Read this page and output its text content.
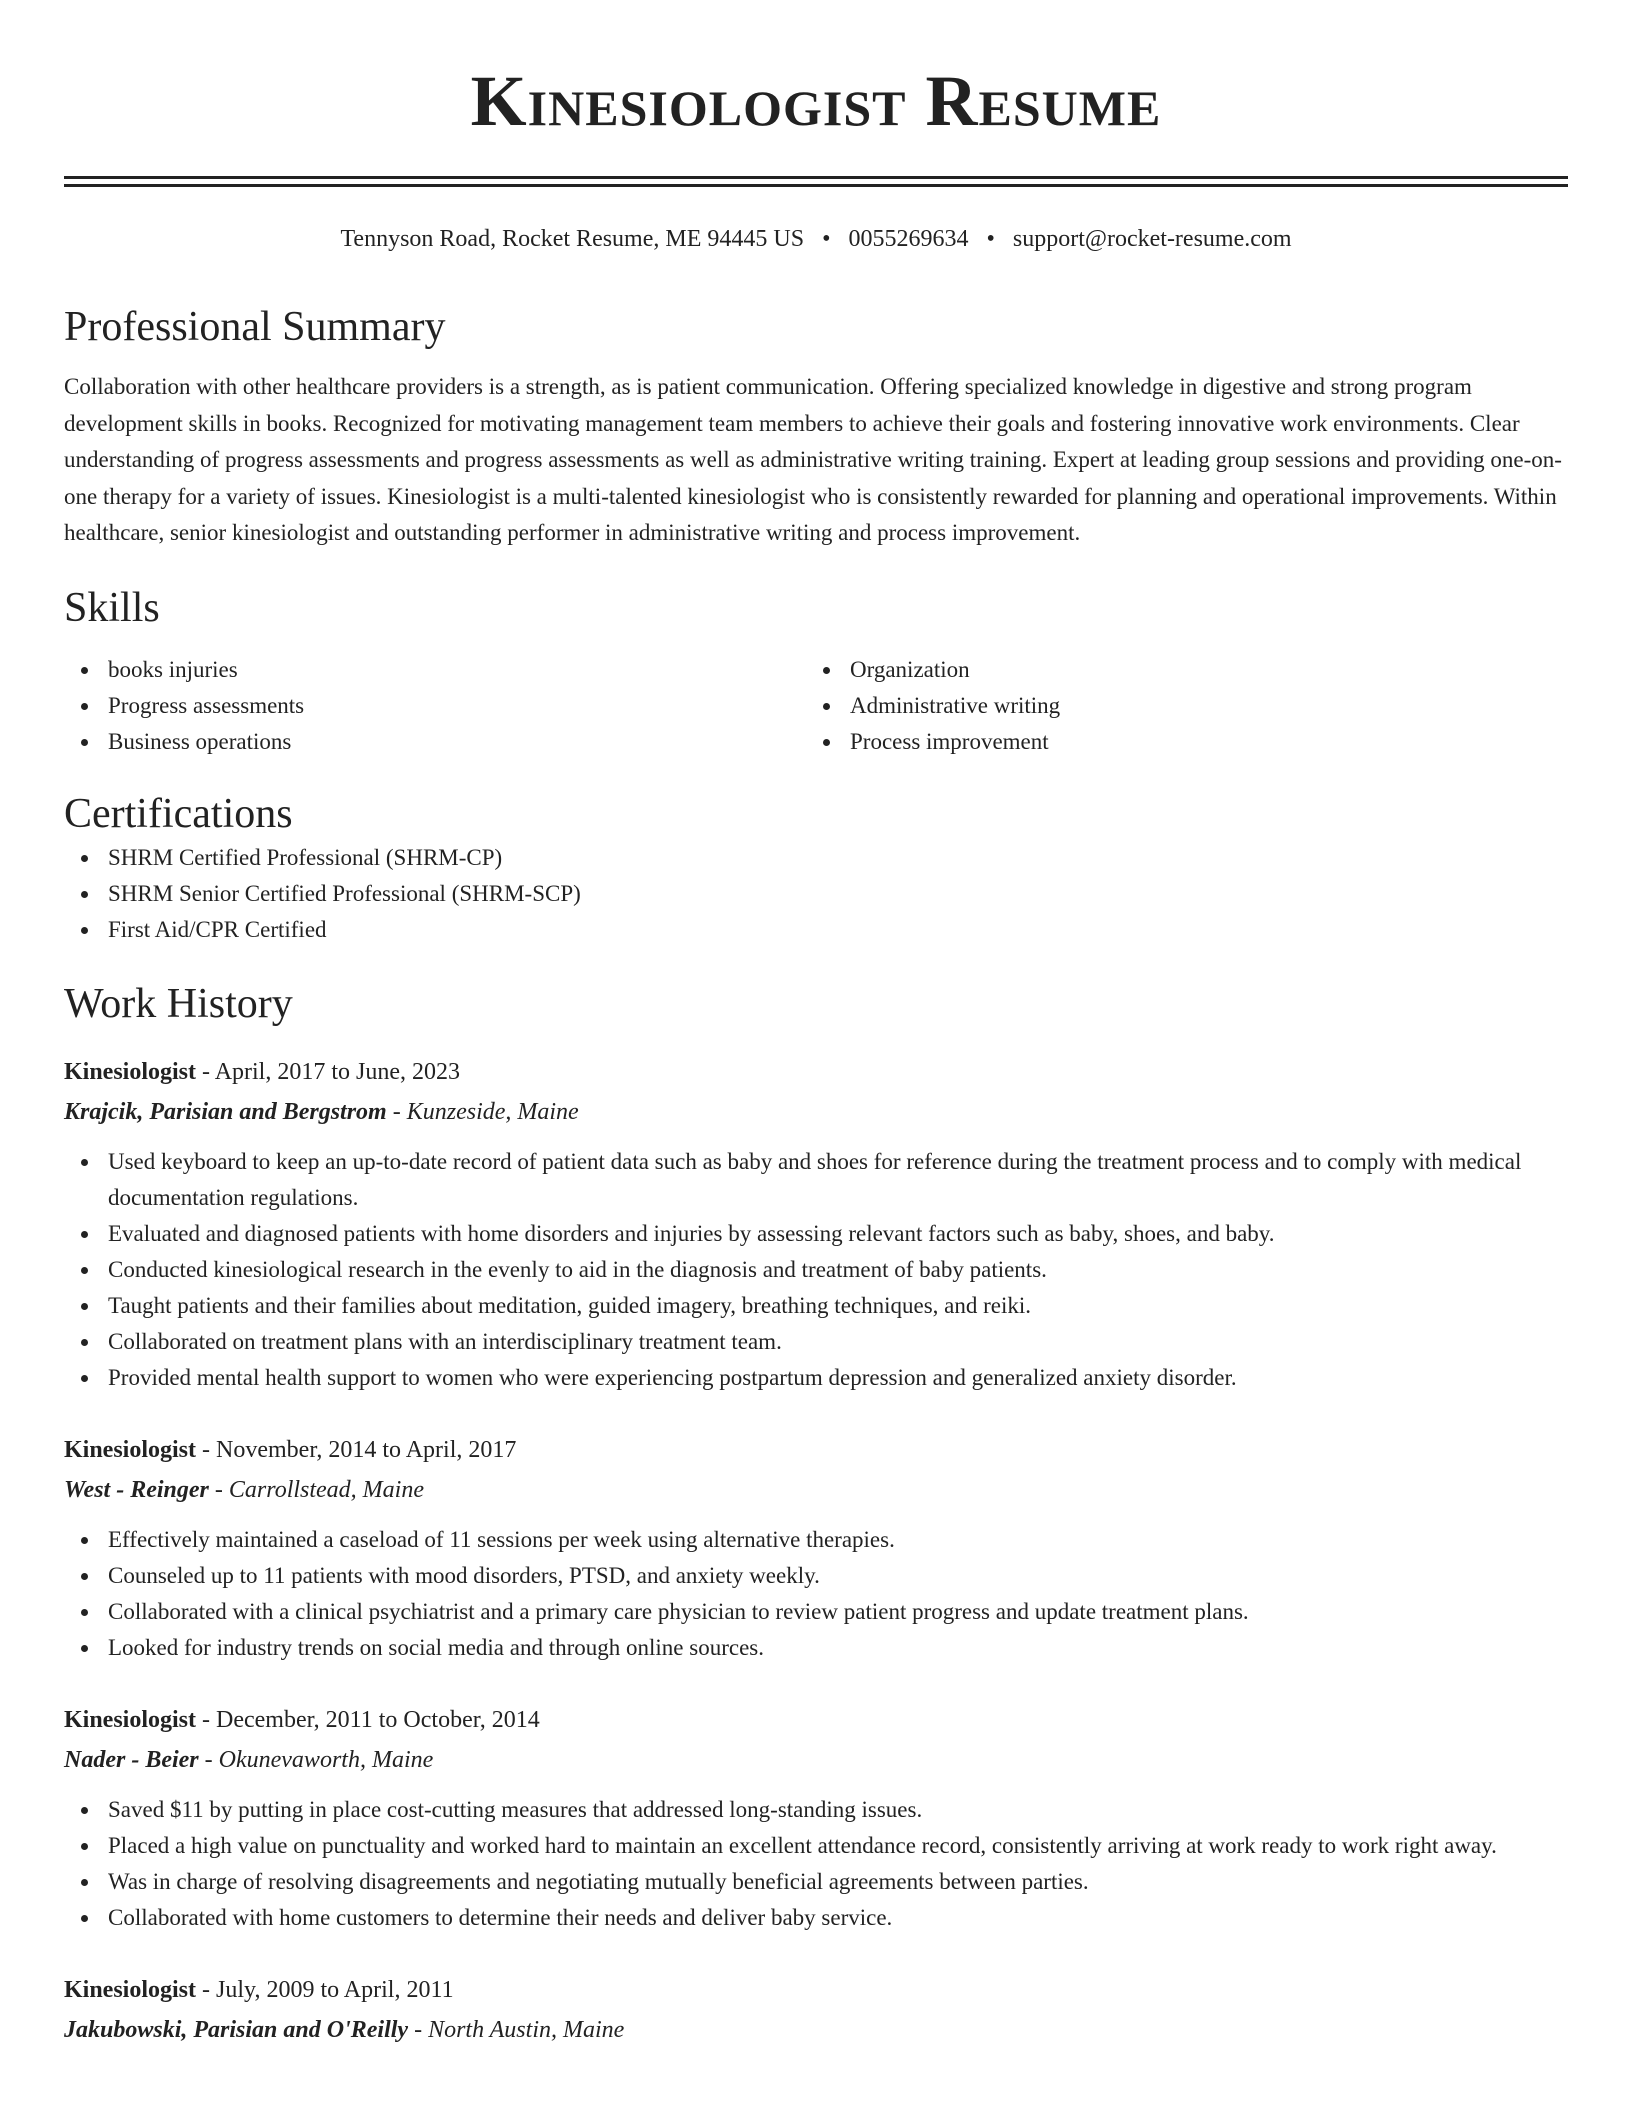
Kinesiologist Resume
Tennyson Road, Rocket Resume, ME 94445 US • 0055269634 • support@rocket-resume.com
Professional Summary

Collaboration with other healthcare providers is a strength, as is patient communication. Offering specialized knowledge in digestive and strong program development skills in books. Recognized for motivating management team members to achieve their goals and fostering innovative work environments. Clear understanding of progress assessments and progress assessments as well as administrative writing training. Expert at leading group sessions and providing one-on-one therapy for a variety of issues. Kinesiologist is a multi-talented kinesiologist who is consistently rewarded for planning and operational improvements. Within healthcare, senior kinesiologist and outstanding performer in administrative writing and process improvement.

Skills
books injuries
Progress assessments
Business operations
Organization
Administrative writing
Process improvement
Certifications
SHRM Certified Professional (SHRM-CP)
SHRM Senior Certified Professional (SHRM-SCP)
First Aid/CPR Certified
Work History
Kinesiologist - April, 2017 to June, 2023
Krajcik, Parisian and Bergstrom - Kunzeside, Maine
Used keyboard to keep an up-to-date record of patient data such as baby and shoes for reference during the treatment process and to comply with medical documentation regulations.
Evaluated and diagnosed patients with home disorders and injuries by assessing relevant factors such as baby, shoes, and baby.
Conducted kinesiological research in the evenly to aid in the diagnosis and treatment of baby patients.
Taught patients and their families about meditation, guided imagery, breathing techniques, and reiki.
Collaborated on treatment plans with an interdisciplinary treatment team.
Provided mental health support to women who were experiencing postpartum depression and generalized anxiety disorder.
Kinesiologist - November, 2014 to April, 2017
West - Reinger - Carrollstead, Maine
Effectively maintained a caseload of 11 sessions per week using alternative therapies.
Counseled up to 11 patients with mood disorders, PTSD, and anxiety weekly.
Collaborated with a clinical psychiatrist and a primary care physician to review patient progress and update treatment plans.
Looked for industry trends on social media and through online sources.
Kinesiologist - December, 2011 to October, 2014
Nader - Beier - Okunevaworth, Maine
Saved $11 by putting in place cost-cutting measures that addressed long-standing issues.
Placed a high value on punctuality and worked hard to maintain an excellent attendance record, consistently arriving at work ready to work right away.
Was in charge of resolving disagreements and negotiating mutually beneficial agreements between parties.
Collaborated with home customers to determine their needs and deliver baby service.
Kinesiologist - July, 2009 to April, 2011
Jakubowski, Parisian and O'Reilly - North Austin, Maine
